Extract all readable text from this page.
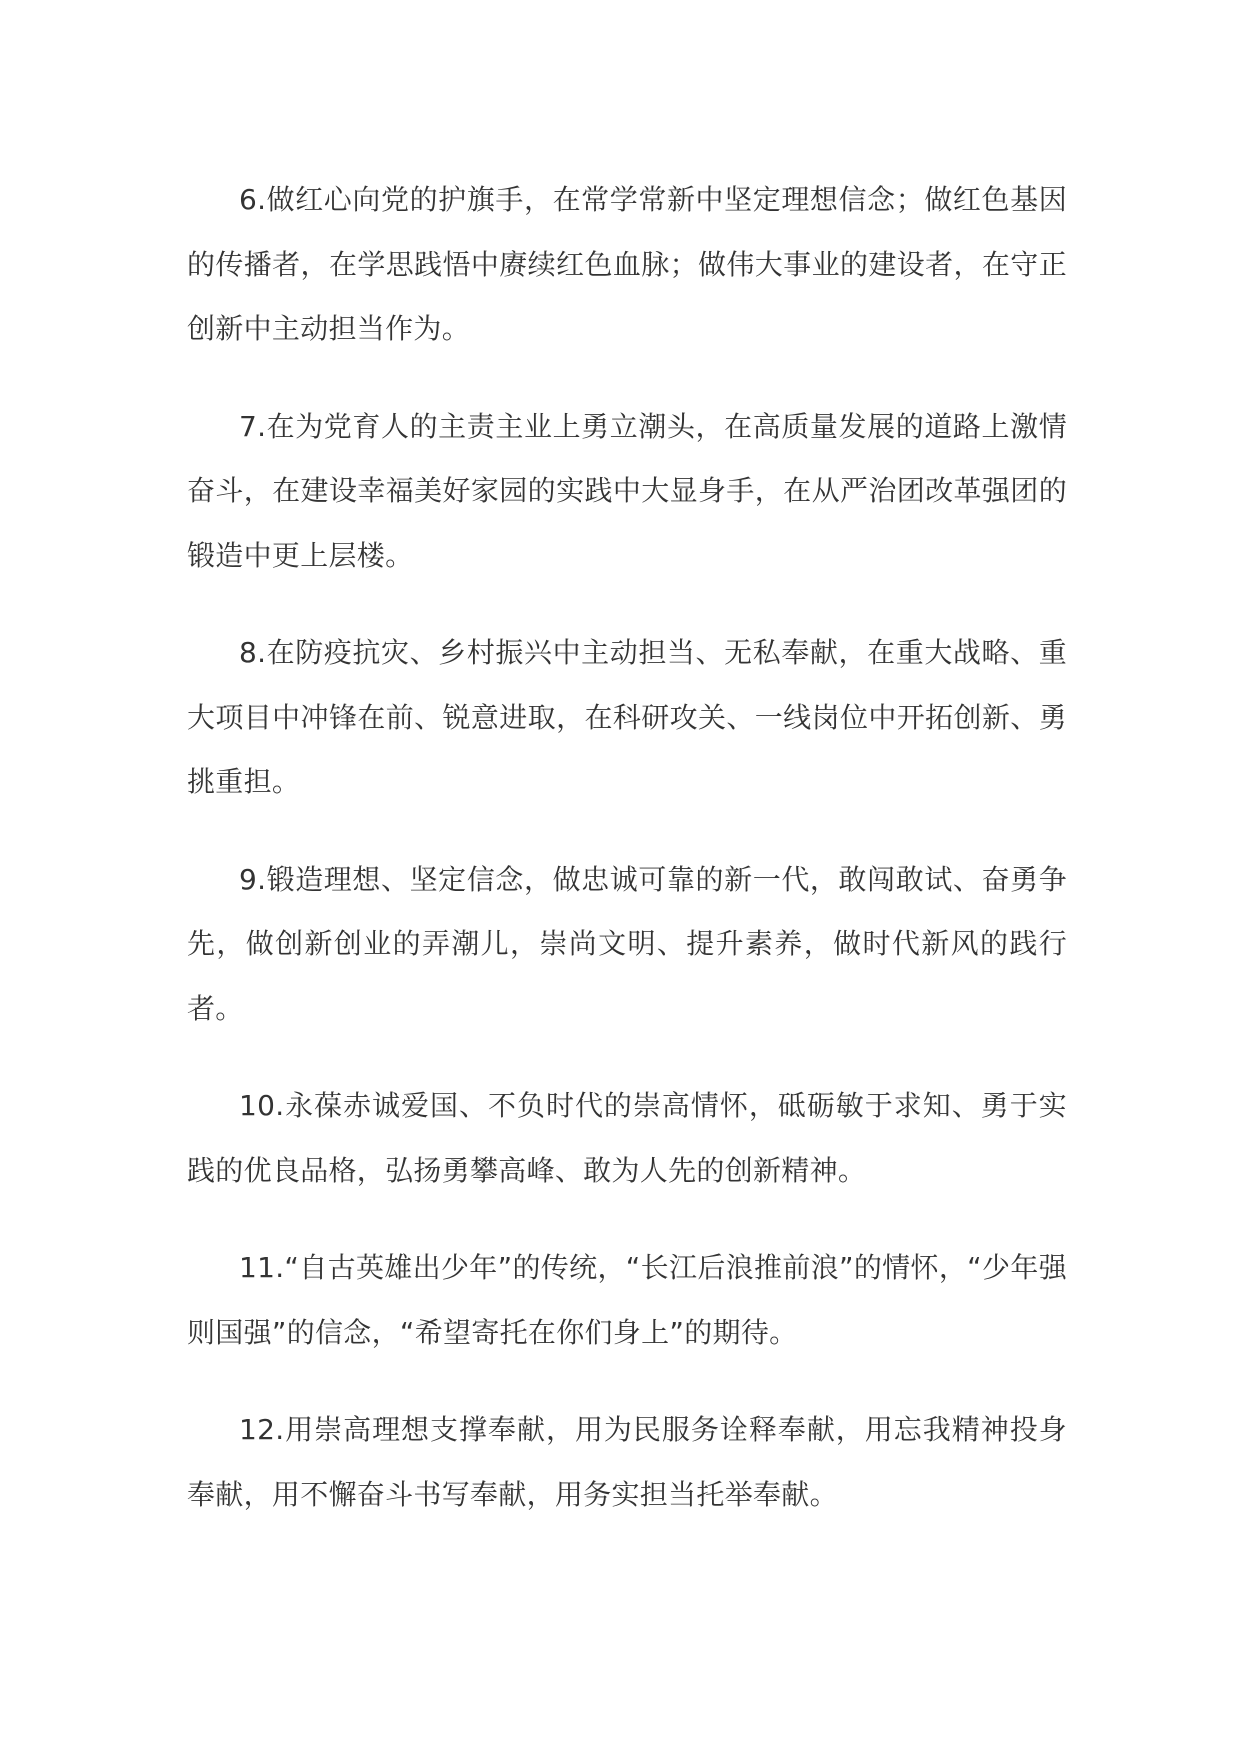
6.做红心向党的护旗手，在常学常新中坚定理想信念；做红色基因的传播者，在学思践悟中赓续红色血脉；做伟大事业的建设者，在守正创新中主动担当作为。

7.在为党育人的主责主业上勇立潮头，在高质量发展的道路上激情奋斗，在建设幸福美好家园的实践中大显身手，在从严治团改革强团的锻造中更上层楼。

8.在防疫抗灾、乡村振兴中主动担当、无私奉献，在重大战略、重大项目中冲锋在前、锐意进取，在科研攻关、一线岗位中开拓创新、勇挑重担。

9.锻造理想、坚定信念，做忠诚可靠的新一代，敢闯敢试、奋勇争先，做创新创业的弄潮儿，崇尚文明、提升素养，做时代新风的践行者。

10.永葆赤诚爱国、不负时代的崇高情怀，砥砺敏于求知、勇于实践的优良品格，弘扬勇攀高峰、敢为人先的创新精神。

11.“自古英雄出少年”的传统，“长江后浪推前浪”的情怀，“少年强则国强”的信念，“希望寄托在你们身上”的期待。

12.用崇高理想支撑奉献，用为民服务诠释奉献，用忘我精神投身奉献，用不懈奋斗书写奉献，用务实担当托举奉献。
